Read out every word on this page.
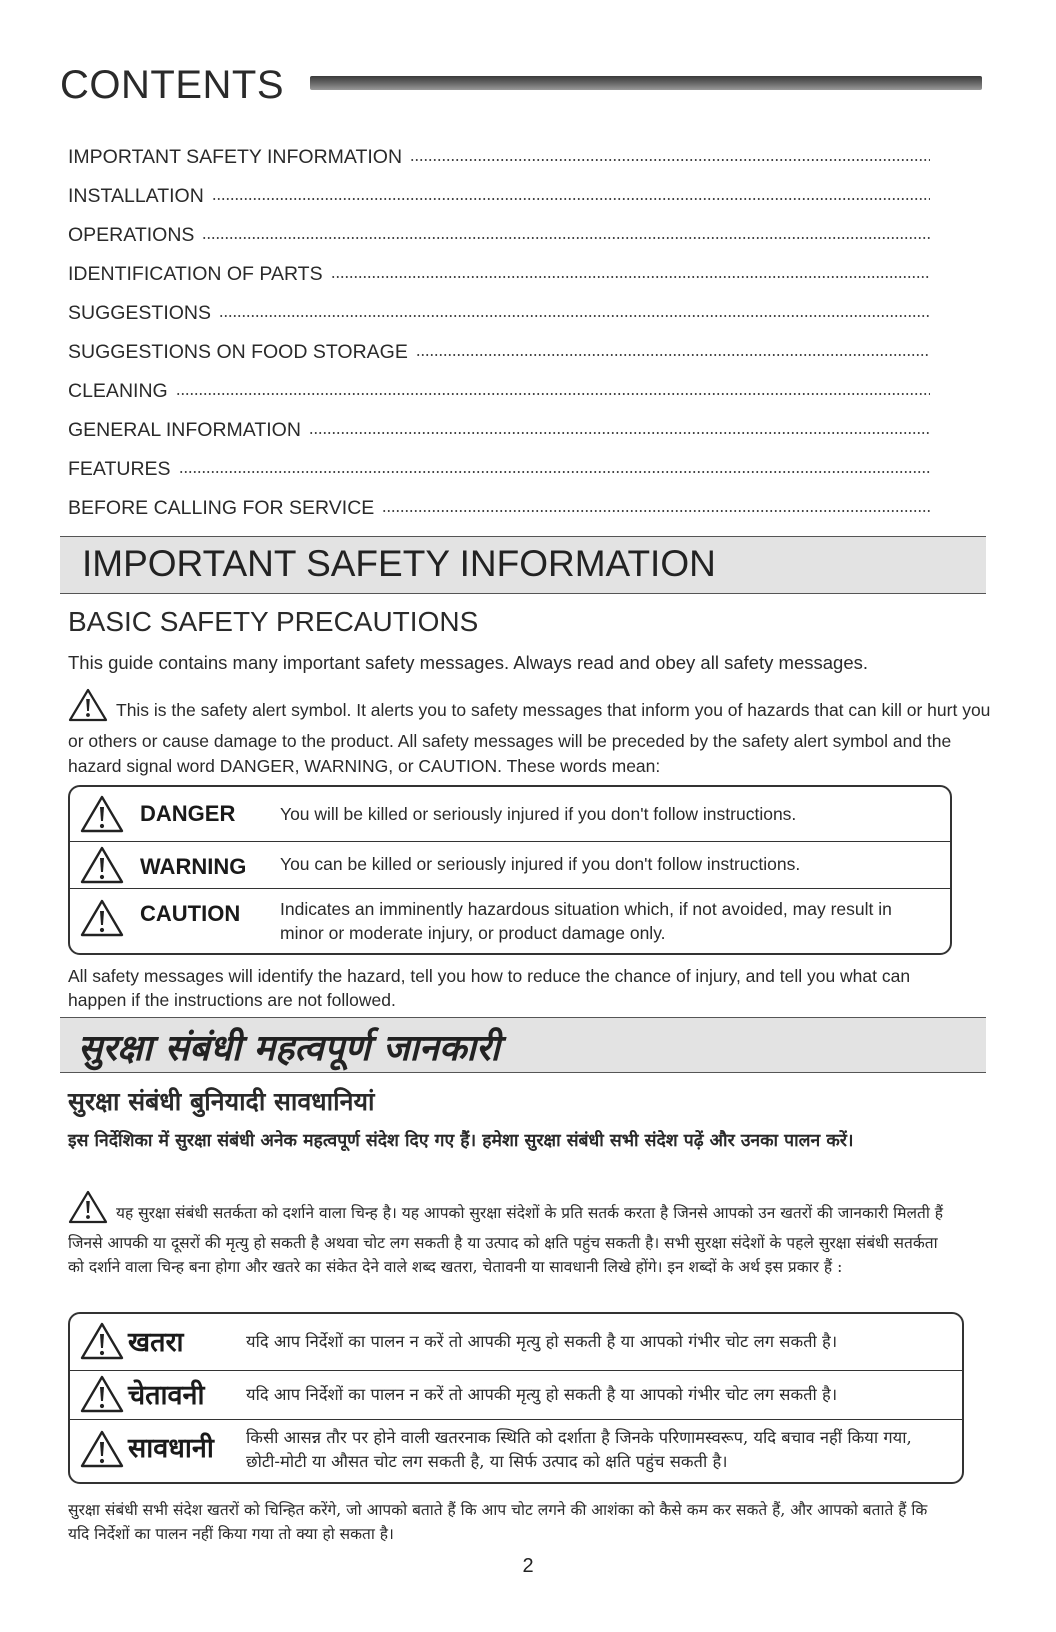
CONTENTS
IMPORTANT SAFETY INFORMATION
INSTALLATION
OPERATIONS
IDENTIFICATION OF PARTS
SUGGESTIONS
SUGGESTIONS ON FOOD STORAGE
CLEANING
GENERAL INFORMATION
FEATURES
BEFORE CALLING FOR SERVICE
IMPORTANT SAFETY INFORMATION
BASIC SAFETY PRECAUTIONS
This guide contains many important safety messages. Always read and obey all safety messages.
This is the safety alert symbol. It alerts you to safety messages that inform you of hazards that can kill or hurt you or others or cause damage to the product. All safety messages will be preceded by the safety alert symbol and the hazard signal word DANGER, WARNING, or CAUTION. These words mean:
DANGER	You will be killed or seriously injured if you don't follow instructions.
WARNING You can be killed or seriously injured if you don't follow instructions.
CAUTION Indicates an imminently hazardous situation which, if not avoided, may result in minor or moderate injury, or product damage only.
All safety messages will identify the hazard, tell you how to reduce the chance of injury, and tell you what can happen if the instructions are not followed.
सुरक्षा संबंधी महत्वपूर्ण जानकारी
सुरक्षा संबंधी बुनियादी सावधानियां
इस निर्देशिका में सुरक्षा संबंधी अनेक महत्वपूर्ण संदेश दिए गए हैं। हमेशा सुरक्षा संबंधी सभी संदेश पढ़ें और उनका पालन करें।
यह सुरक्षा संबंधी सतर्कता को दर्शाने वाला चिन्ह है। यह आपको सुरक्षा संदेशों के प्रति सतर्क करता है जिनसे आपको उन खतरों की जानकारी मिलती हैं जिनसे आपकी या दूसरों की मृत्यु हो सकती है अथवा चोट लग सकती है या उत्पाद को क्षति पहुंच सकती है। सभी सुरक्षा संदेशों के पहले सुरक्षा संबंधी सतर्कता को दर्शाने वाला चिन्ह बना होगा और खतरे का संकेत देने वाले शब्द खतरा, चेतावनी या सावधानी लिखे होंगे। इन शब्दों के अर्थ इस प्रकार हैं :
खतरा	यदि आप निर्देशों का पालन न करें तो आपकी मृत्यु हो सकती है या आपको गंभीर चोट लग सकती है।
चेतावनी	यदि आप निर्देशों का पालन न करें तो आपकी मृत्यु हो सकती है या आपको गंभीर चोट लग सकती है।
सावधानी किसी आसन्न तौर पर होने वाली खतरनाक स्थिति को दर्शाता है जिनके परिणामस्वरूप, यदि बचाव नहीं किया गया, छोटी-मोटी या औसत चोट लग सकती है, या सिर्फ उत्पाद को क्षति पहुंच सकती है।
सुरक्षा संबंधी सभी संदेश खतरों को चिन्हित करेंगे, जो आपको बताते हैं कि आप चोट लगने की आशंका को कैसे कम कर सकते हैं, और आपको बताते हैं कि यदि निर्देशों का पालन नहीं किया गया तो क्या हो सकता है।
2
